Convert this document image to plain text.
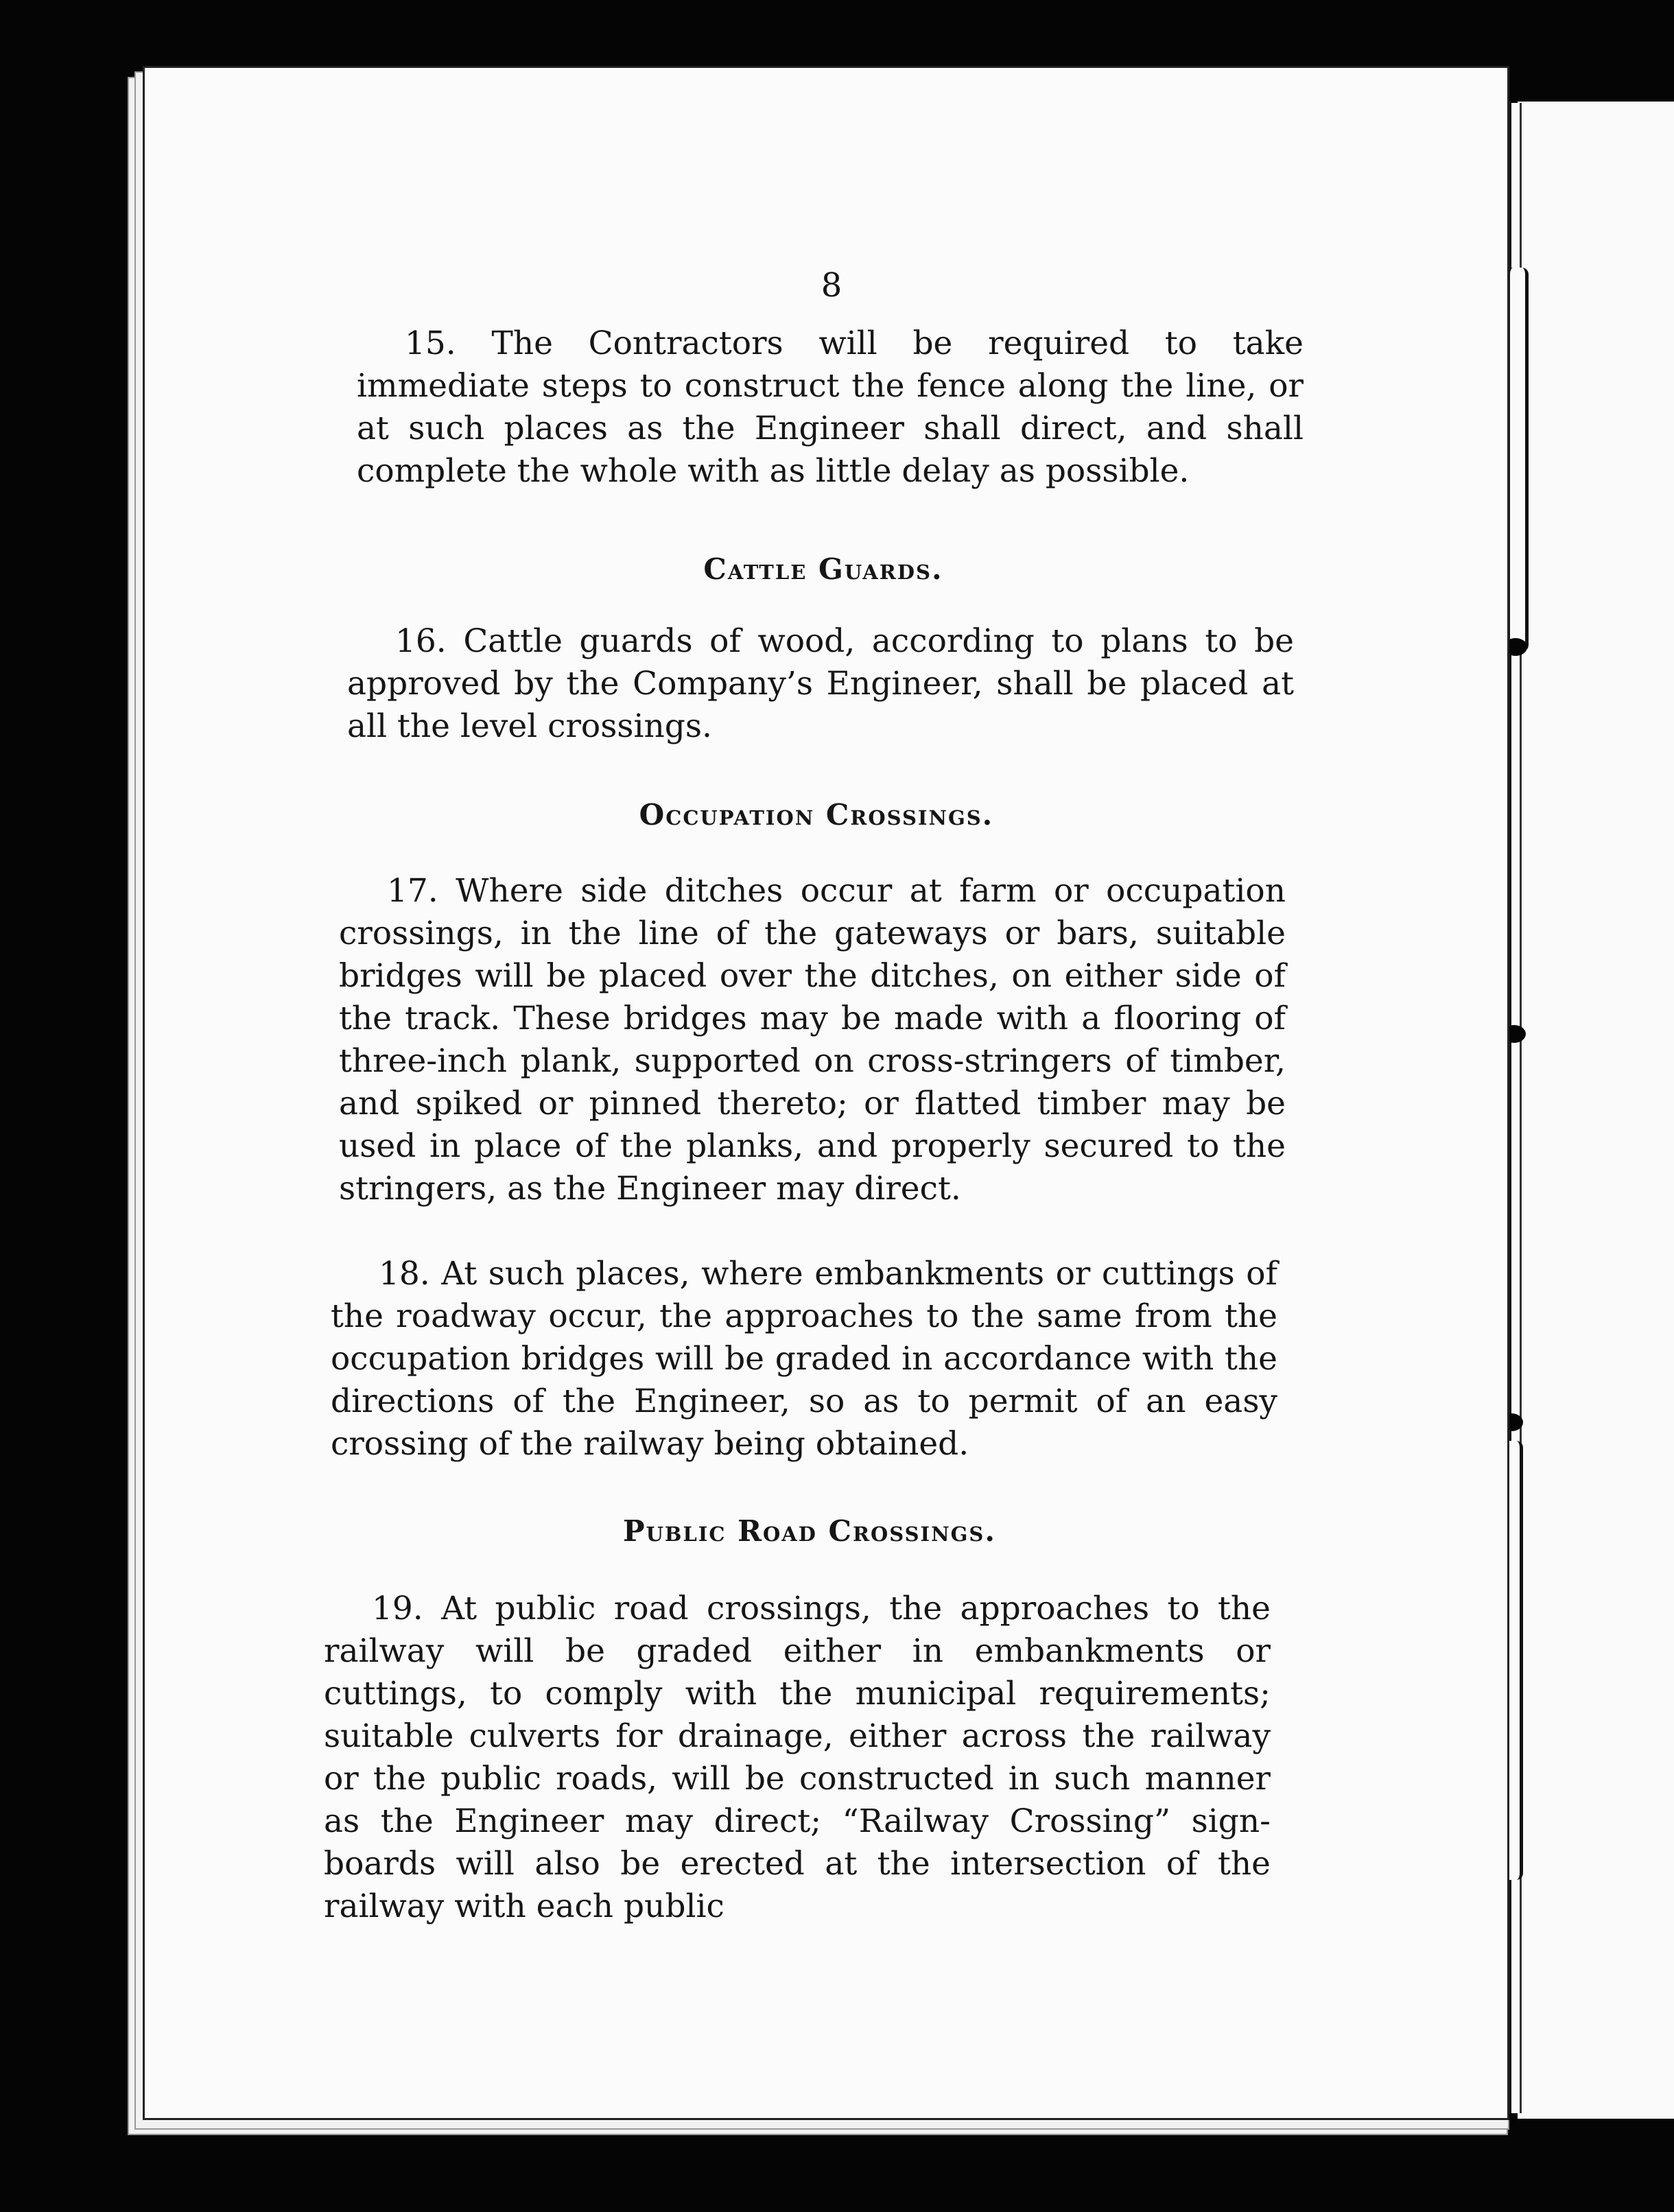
8

15. The Contractors will be required to take immediate steps to construct the fence along the line, or at such places as the Engineer shall direct, and shall complete the whole with as little delay as possible.

Cattle Guards.

16. Cattle guards of wood, according to plans to be approved by the Company’s Engineer, shall be placed at all the level crossings.

Occupation Crossings.

17. Where side ditches occur at farm or occupation crossings, in the line of the gateways or bars, suitable bridges will be placed over the ditches, on either side of the track. These bridges may be made with a flooring of three-inch plank, supported on cross-stringers of timber, and spiked or pinned thereto; or flatted timber may be used in place of the planks, and properly secured to the stringers, as the Engineer may direct.

18. At such places, where embankments or cuttings of the roadway occur, the approaches to the same from the occupation bridges will be graded in accordance with the directions of the Engineer, so as to permit of an easy crossing of the railway being obtained.

Public Road Crossings.

19. At public road crossings, the approaches to the railway will be graded either in embankments or cuttings, to comply with the municipal requirements; suitable culverts for drainage, either across the railway or the public roads, will be constructed in such manner as the Engineer may direct; “Railway Crossing” sign-boards will also be erected at the intersection of the railway with each public
